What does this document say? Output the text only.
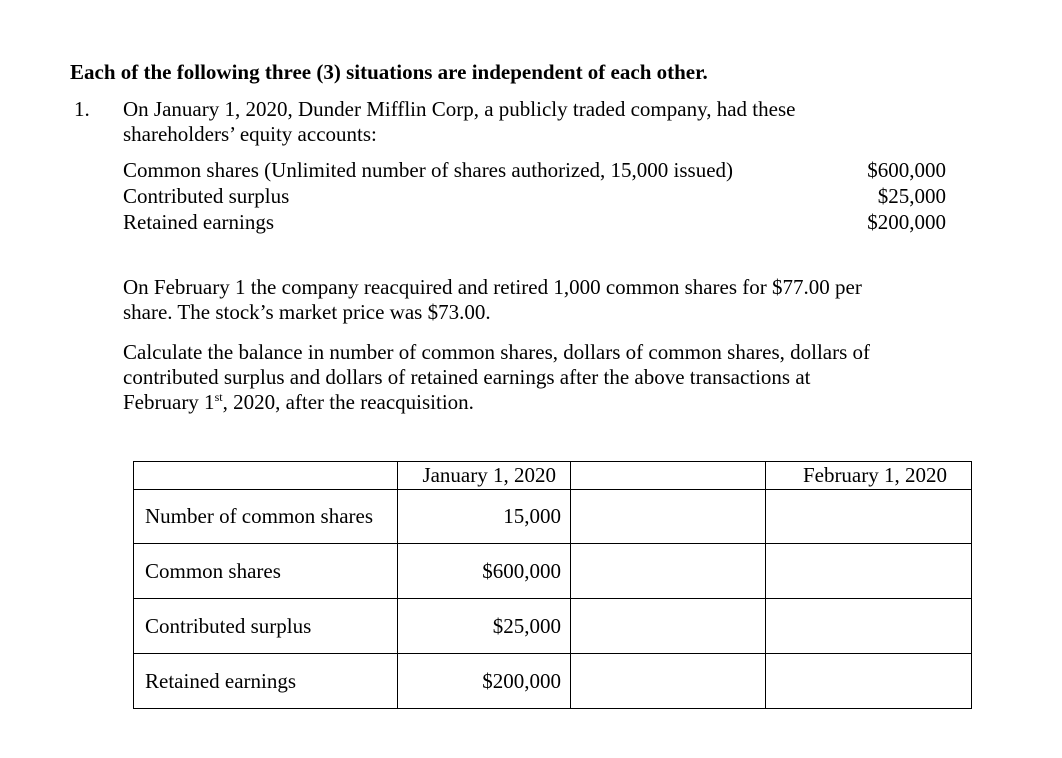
Each of the following three (3) situations are independent of each other.
1. On January 1, 2020, Dunder Mifflin Corp, a publicly traded company, had these
shareholders’ equity accounts:
Common shares (Unlimited number of shares authorized, 15,000 issued)	$600,000
Contributed surplus	$25,000
Retained earnings	$200,000
On February 1 the company reacquired and retired 1,000 common shares for $77.00 per
share. The stock’s market price was $73.00.
Calculate the balance in number of common shares, dollars of common shares, dollars of
contributed surplus and dollars of retained earnings after the above transactions at
February 1st, 2020, after the reacquisition.
	January 1, 2020		February 1, 2020
Number of common shares	15,000		
Common shares	$600,000		
Contributed surplus	$25,000		
Retained earnings	$200,000		
